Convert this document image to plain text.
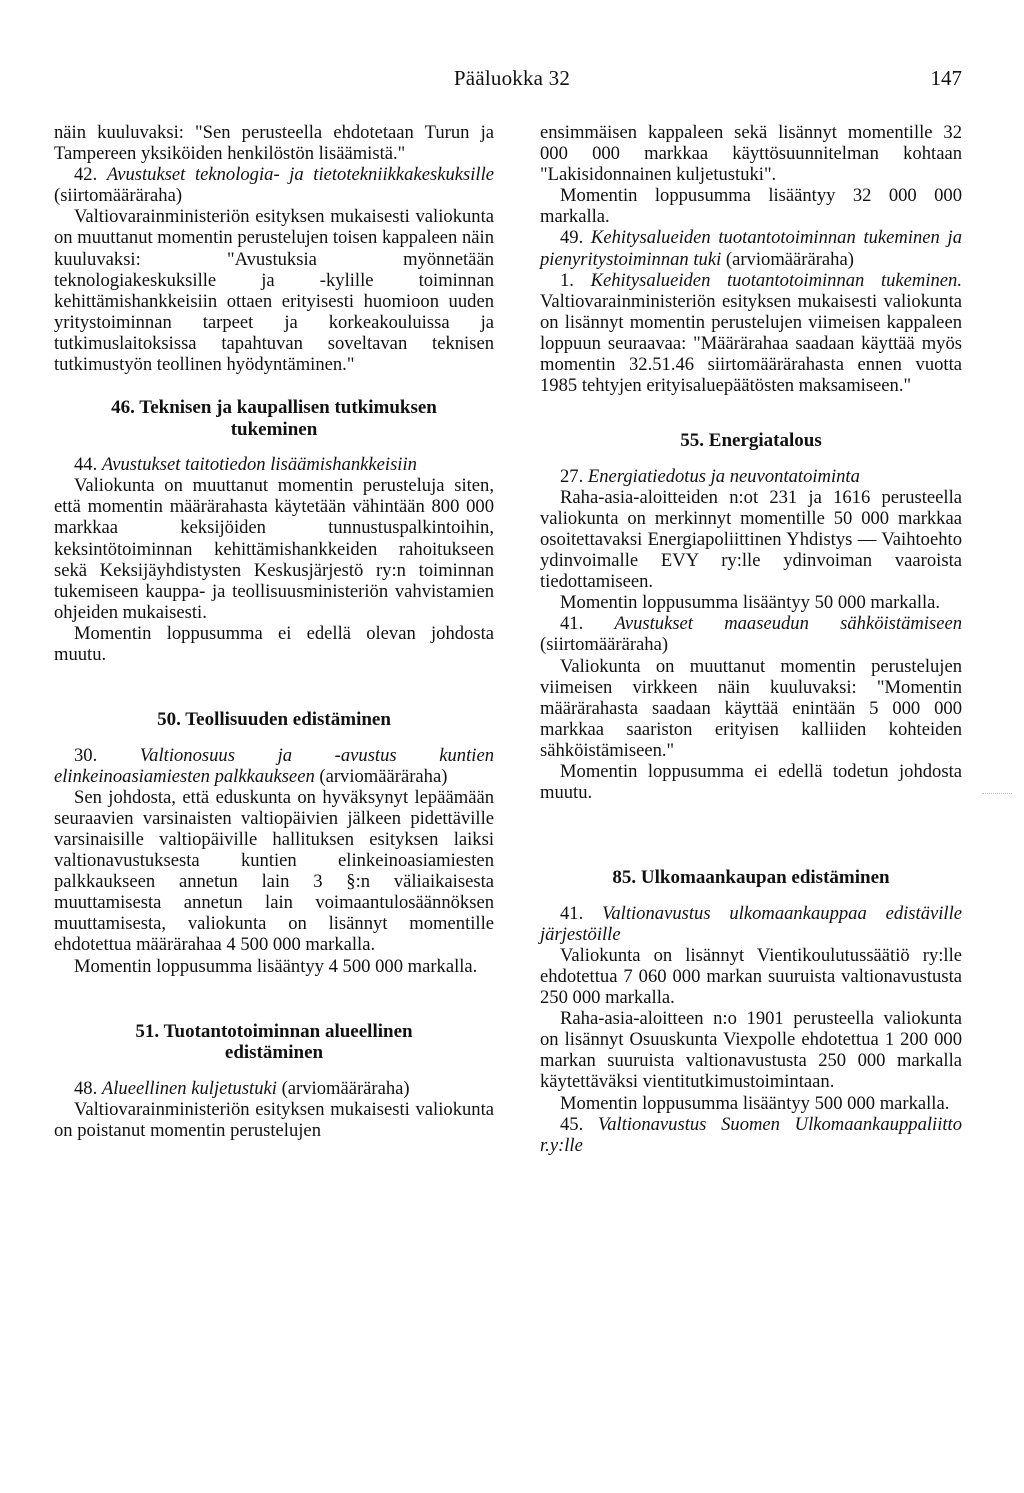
Pääluokka 32	147

näin kuuluvaksi: "Sen perusteella ehdotetaan Turun ja Tampereen yksiköiden henkilöstön lisäämistä."

42. Avustukset teknologia- ja tietotekniikkakeskuksille (siirtomääräraha)

Valtiovarainministeriön esityksen mukaisesti valiokunta on muuttanut momentin perustelujen toisen kappaleen näin kuuluvaksi: "Avustuksia myönnetään teknologiakeskuksille ja -kylille toiminnan kehittämishankkeisiin ottaen erityisesti huomioon uuden yritystoiminnan tarpeet ja korkeakouluissa ja tutkimuslaitoksissa tapahtuvan soveltavan teknisen tutkimustyön teollinen hyödyntäminen."

46. Teknisen ja kaupallisen tutkimuksen tukeminen

44. Avustukset taitotiedon lisäämishankkeisiin

Valiokunta on muuttanut momentin perusteluja siten, että momentin määrärahasta käytetään vähintään 800 000 markkaa keksijöiden tunnustuspalkintoihin, keksintötoiminnan kehittämishankkeiden rahoitukseen sekä Keksijäyhdistysten Keskusjärjestö ry:n toiminnan tukemiseen kauppa- ja teollisuusministeriön vahvistamien ohjeiden mukaisesti.

Momentin loppusumma ei edellä olevan johdosta muutu.

50. Teollisuuden edistäminen

30. Valtionosuus ja -avustus kuntien elinkeinoasiamiesten palkkaukseen (arviomääräraha)

Sen johdosta, että eduskunta on hyväksynyt lepäämään seuraavien varsinaisten valtiopäivien jälkeen pidettäville varsinaisille valtiopäiville hallituksen esityksen laiksi valtionavustuksesta kuntien elinkeinoasiamiesten palkkaukseen annetun lain 3 §:n väliaikaisesta muuttamisesta annetun lain voimaantulosäännöksen muuttamisesta, valiokunta on lisännyt momentille ehdotettua määrärahaa 4 500 000 markalla.

Momentin loppusumma lisääntyy 4 500 000 markalla.

51. Tuotantotoiminnan alueellinen edistäminen

48. Alueellinen kuljetustuki (arviomääräraha)

Valtiovarainministeriön esityksen mukaisesti valiokunta on poistanut momentin perustelujen

ensimmäisen kappaleen sekä lisännyt momentille 32 000 000 markkaa käyttösuunnitelman kohtaan "Lakisidonnainen kuljetustuki".

Momentin loppusumma lisääntyy 32 000 000 markalla.

49. Kehitysalueiden tuotantotoiminnan tukeminen ja pienyritystoiminnan tuki (arviomääräraha)

1. Kehitysalueiden tuotantotoiminnan tukeminen. Valtiovarainministeriön esityksen mukaisesti valiokunta on lisännyt momentin perustelujen viimeisen kappaleen loppuun seuraavaa: "Määrärahaa saadaan käyttää myös momentin 32.51.46 siirtomäärärahasta ennen vuotta 1985 tehtyjen erityisaluepäätösten maksamiseen."

55. Energiatalous

27. Energiatiedotus ja neuvontatoiminta

Raha-asia-aloitteiden n:ot 231 ja 1616 perusteella valiokunta on merkinnyt momentille 50 000 markkaa osoitettavaksi Energiapoliittinen Yhdistys — Vaihtoehto ydinvoimalle EVY ry:lle ydinvoiman vaaroista tiedottamiseen.

Momentin loppusumma lisääntyy 50 000 markalla.

41. Avustukset maaseudun sähköistämiseen (siirtomääräraha)

Valiokunta on muuttanut momentin perustelujen viimeisen virkkeen näin kuuluvaksi: "Momentin määrärahasta saadaan käyttää enintään 5 000 000 markkaa saariston erityisen kalliiden kohteiden sähköistämiseen."

Momentin loppusumma ei edellä todetun johdosta muutu.

85. Ulkomaankaupan edistäminen

41. Valtionavustus ulkomaankauppaa edistäville järjestöille

Valiokunta on lisännyt Vientikoulutussäätiö ry:lle ehdotettua 7 060 000 markan suuruista valtionavustusta 250 000 markalla.

Raha-asia-aloitteen n:o 1901 perusteella valiokunta on lisännyt Osuuskunta Viexpolle ehdotettua 1 200 000 markan suuruista valtionavustusta 250 000 markalla käytettäväksi vientitutkimustoimintaan.

Momentin loppusumma lisääntyy 500 000 markalla.

45. Valtionavustus Suomen Ulkomaankauppaliitto r.y:lle
